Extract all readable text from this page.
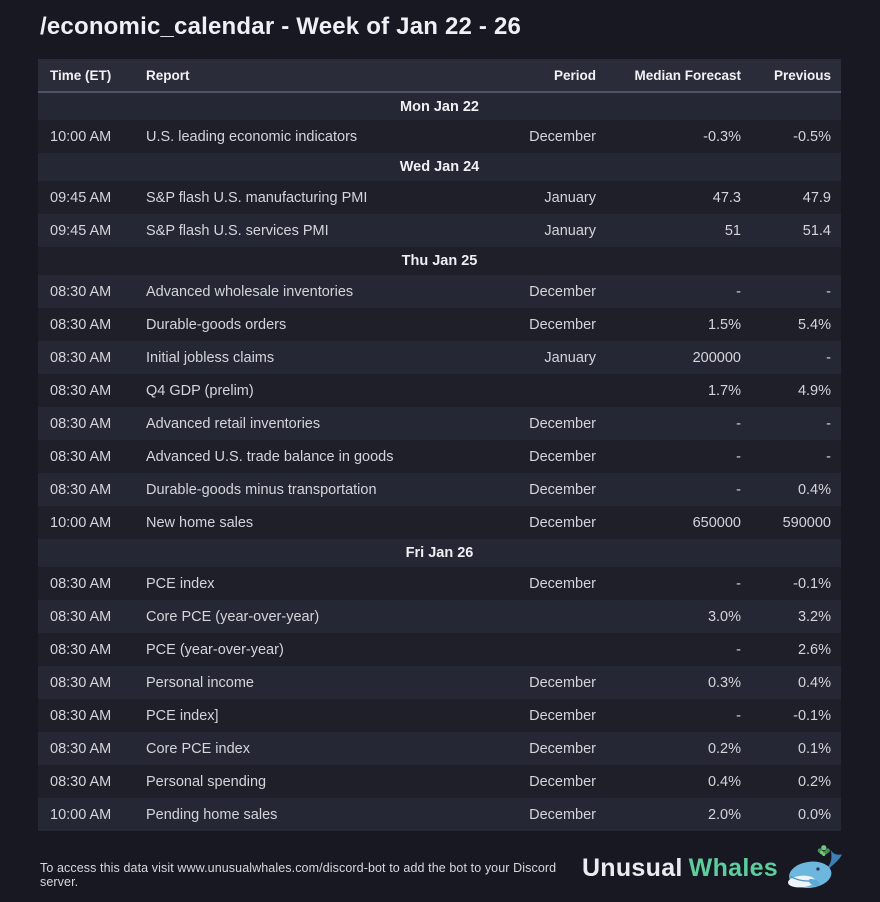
/economic_calendar - Week of Jan 22 - 26
Time (ET)	Report	Period	Median Forecast	Previous
Mon Jan 22				
10:00 AM	U.S. leading economic indicators	December	-0.3%	-0.5%
Wed Jan 24				
09:45 AM	S&P flash U.S. manufacturing PMI	January	47.3	47.9
09:45 AM	S&P flash U.S. services PMI	January	51	51.4
Thu Jan 25				
08:30 AM	Advanced wholesale inventories	December	-	-
08:30 AM	Durable-goods orders	December	1.5%	5.4%
08:30 AM	Initial jobless claims	January	200000	-
08:30 AM	Q4 GDP (prelim)		1.7%	4.9%
08:30 AM	Advanced retail inventories	December	-	-
08:30 AM	Advanced U.S. trade balance in goods	December	-	-
08:30 AM	Durable-goods minus transportation	December	-	0.4%
10:00 AM	New home sales	December	650000	590000
Fri Jan 26				
08:30 AM	PCE index	December	-	-0.1%
08:30 AM	Core PCE (year-over-year)		3.0%	3.2%
08:30 AM	PCE (year-over-year)		-	2.6%
08:30 AM	Personal income	December	0.3%	0.4%
08:30 AM	PCE index]	December	-	-0.1%
08:30 AM	Core PCE index	December	0.2%	0.1%
08:30 AM	Personal spending	December	0.4%	0.2%
10:00 AM	Pending home sales	December	2.0%	0.0%
To access this data visit www.unusualwhales.com/discord-bot to add the bot to your Discord server.
Unusual Whales
